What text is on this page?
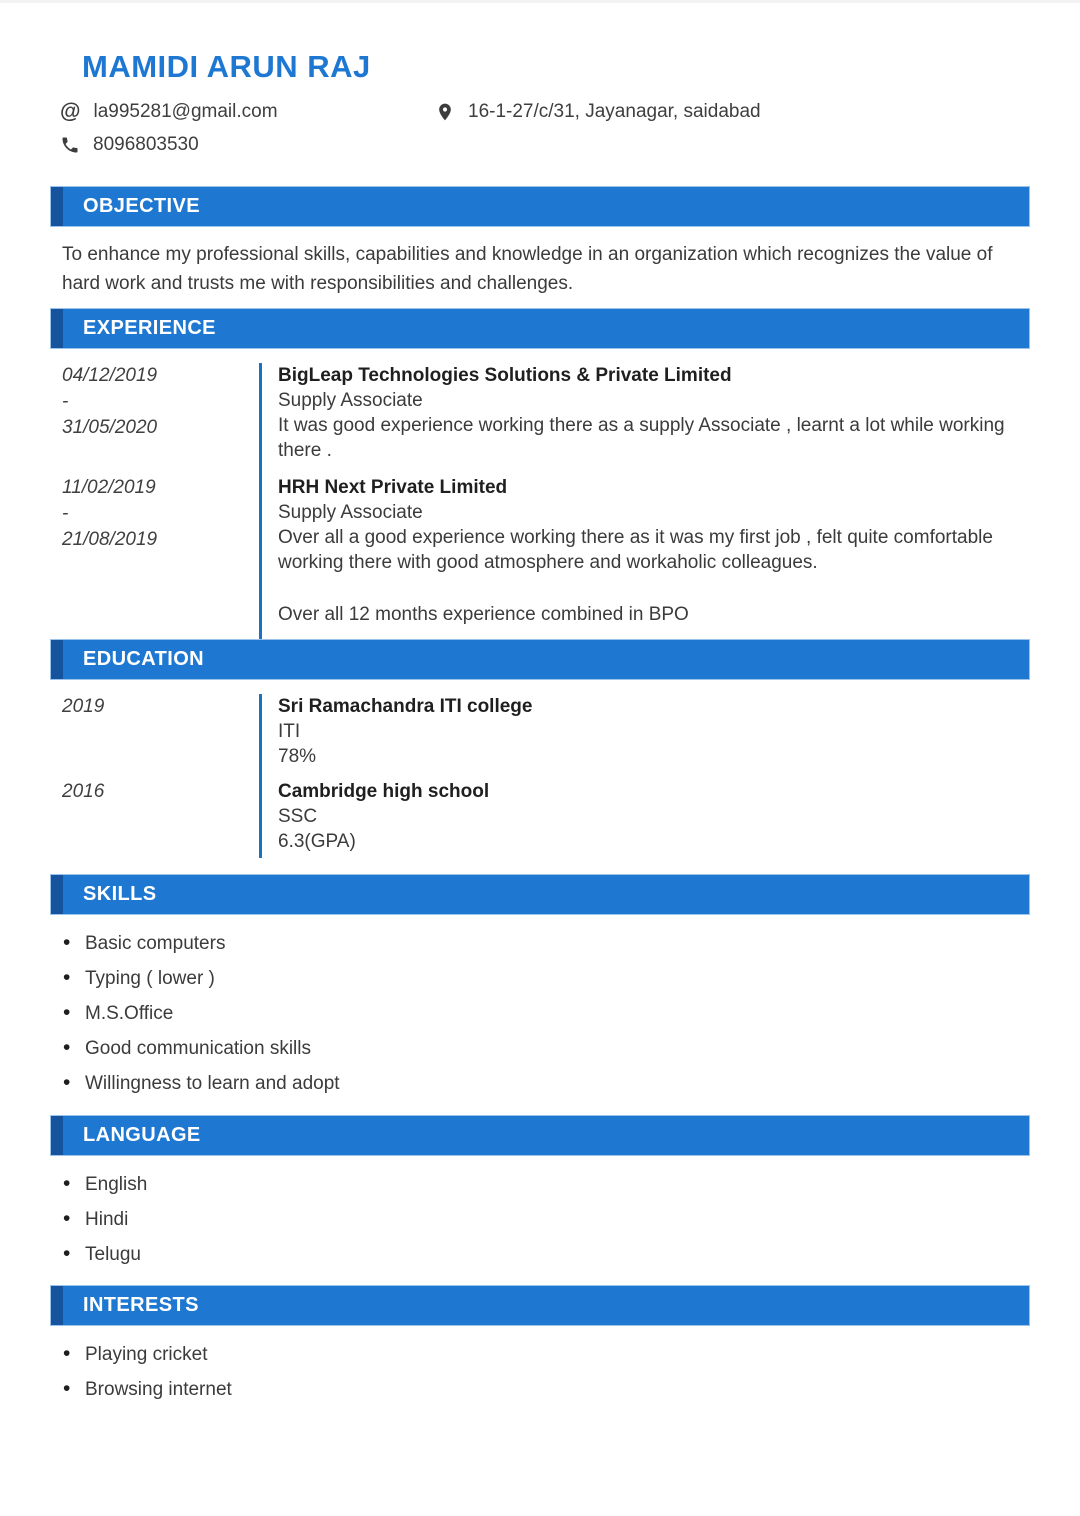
MAMIDI ARUN RAJ
@ la995281@gmail.com	16-1-27/c/31, Jayanagar, saidabad
8096803530
OBJECTIVE

To enhance my professional skills, capabilities and knowledge in an organization which recognizes the value of hard work and trusts me with responsibilities and challenges.

EXPERIENCE
04/12/2019
-
31/05/2020
BigLeap Technologies Solutions & Private Limited
Supply Associate
It was good experience working there as a supply Associate , learnt a lot while working there .
11/02/2019
-
21/08/2019
HRH Next Private Limited
Supply Associate
Over all a good experience working there as it was my first job , felt quite comfortable working there with good atmosphere and workaholic colleagues.
Over all 12 months experience combined in BPO
EDUCATION
2019	Sri Ramachandra ITI college
ITI
78%
2016	Cambridge high school
SSC
6.3(GPA)
SKILLS
• Basic computers
• Typing ( lower )
• M.S.Office
• Good communication skills
• Willingness to learn and adopt
LANGUAGE
• English
• Hindi
• Telugu
INTERESTS
• Playing cricket
• Browsing internet
